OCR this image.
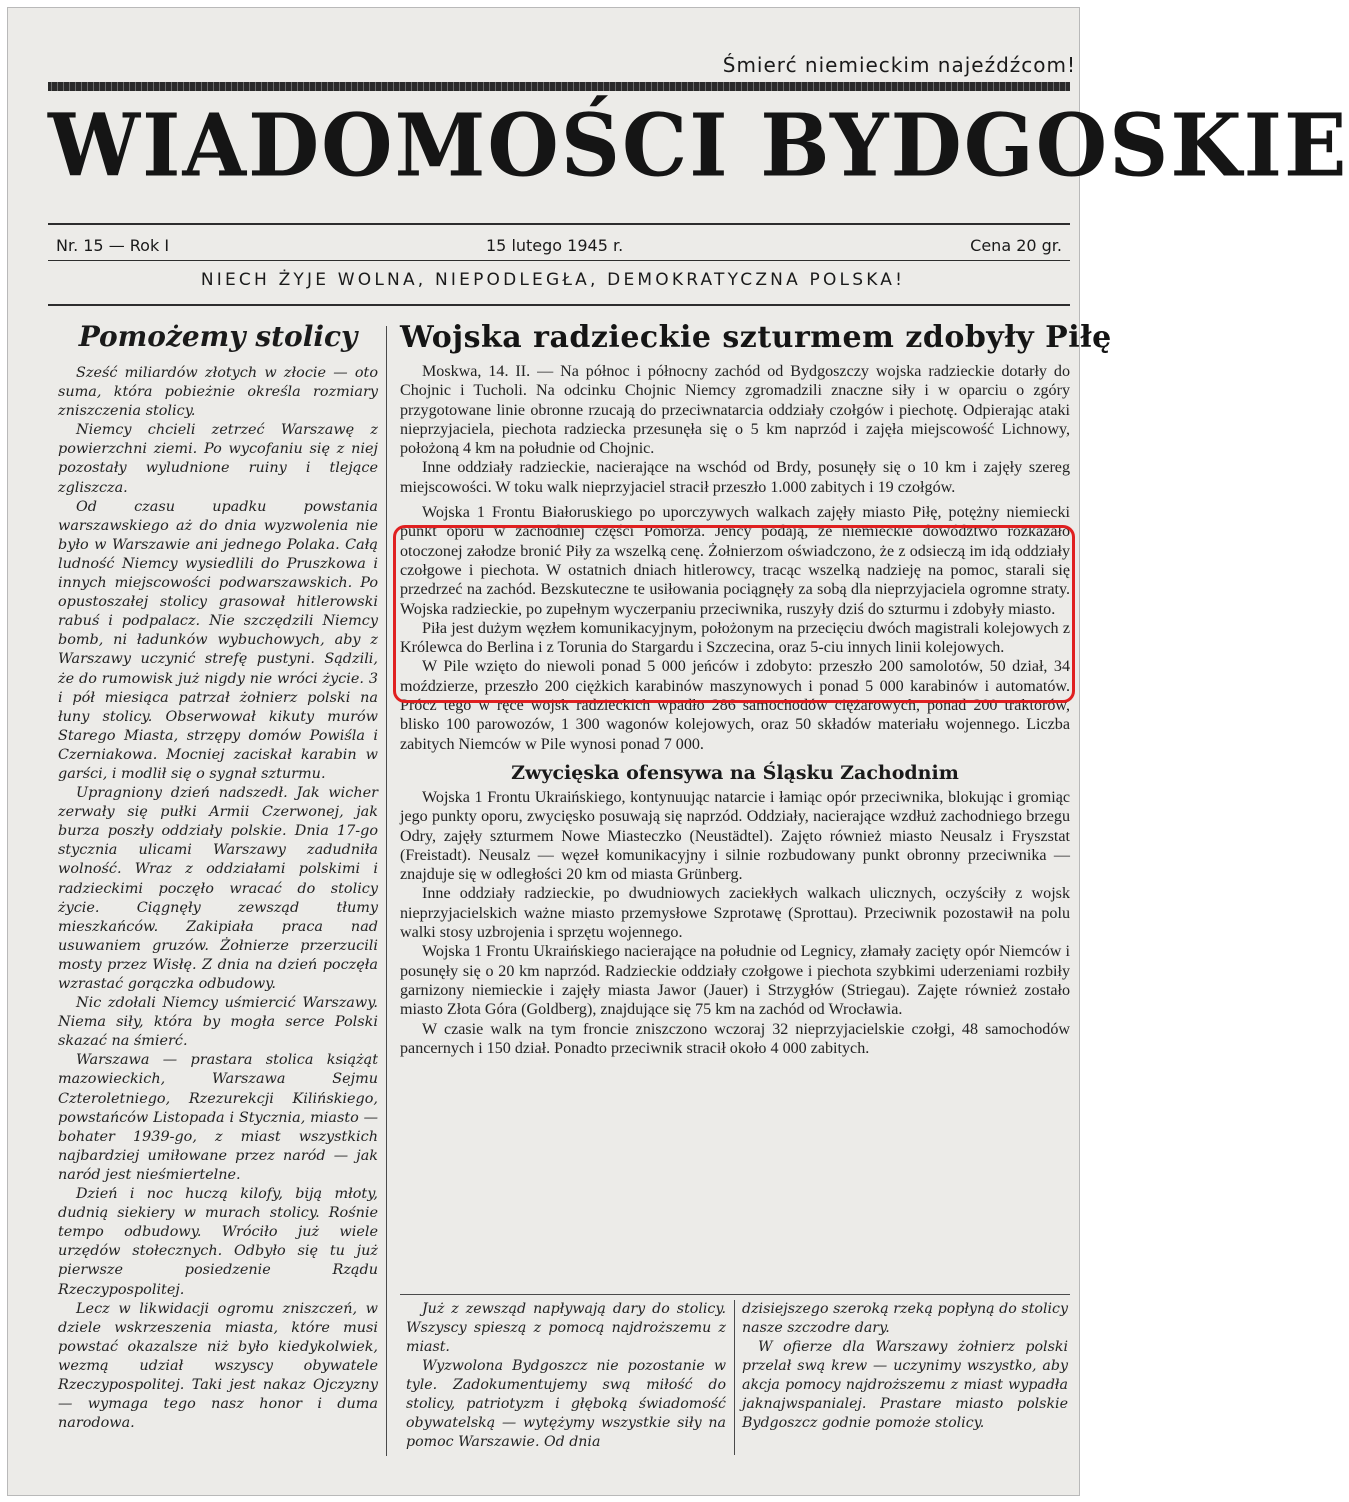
Śmierć niemieckim najeźdźcom!
WIADOMOŚCI BYDGOSKIE
Nr. 15 — Rok I	15 lutego 1945 r.	Cena 20 gr.
NIECH ŻYJE WOLNA, NIEPODLEGŁA, DEMOKRATYCZNA POLSKA!
Pomożemy stolicy

Sześć miliardów złotych w złocie — oto suma, która pobieżnie określa rozmiary zniszczenia stolicy.

Niemcy chcieli zetrzeć Warszawę z powierzchni ziemi. Po wycofaniu się z niej pozostały wyludnione ruiny i tlejące zgliszcza.

Od czasu upadku powstania warszawskiego aż do dnia wyzwolenia nie było w Warszawie ani jednego Polaka. Całą ludność Niemcy wysiedlili do Pruszkowa i innych miejscowości podwarszawskich. Po opustoszałej stolicy grasował hitlerowski rabuś i podpalacz. Nie szczędzili Niemcy bomb, ni ładunków wybuchowych, aby z Warszawy uczynić strefę pustyni. Sądzili, że do rumowisk już nigdy nie wróci życie. 3 i pół miesiąca patrzał żołnierz polski na łuny stolicy. Obserwował kikuty murów Starego Miasta, strzępy domów Powiśla i Czerniakowa. Mocniej zaciskał karabin w garści, i modlił się o sygnał szturmu.

Upragniony dzień nadszedł. Jak wicher zerwały się pułki Armii Czerwonej, jak burza poszły oddziały polskie. Dnia 17-go stycznia ulicami Warszawy zadudniła wolność. Wraz z oddziałami polskimi i radzieckimi poczęło wracać do stolicy życie. Ciągnęły zewsząd tłumy mieszkańców. Zakipiała praca nad usuwaniem gruzów. Żołnierze przerzucili mosty przez Wisłę. Z dnia na dzień poczęła wzrastać gorączka odbudowy.

Nic zdołali Niemcy uśmiercić Warszawy. Niema siły, która by mogła serce Polski skazać na śmierć.

Warszawa — prastara stolica książąt mazowieckich, Warszawa Sejmu Czteroletniego, Rzezurekcji Kilińskiego, powstańców Listopada i Stycznia, miasto — bohater 1939-go, z miast wszystkich najbardziej umiłowane przez naród — jak naród jest nieśmiertelne.

Dzień i noc huczą kilofy, biją młoty, dudnią siekiery w murach stolicy. Rośnie tempo odbudowy. Wróciło już wiele urzędów stołecznych. Odbyło się tu już pierwsze posiedzenie Rządu Rzeczypospolitej.

Lecz w likwidacji ogromu zniszczeń, w dziele wskrzeszenia miasta, które musi powstać okazalsze niż było kiedykolwiek, wezmą udział wszyscy obywatele Rzeczypospolitej. Taki jest nakaz Ojczyzny — wymaga tego nasz honor i duma narodowa.

Wojska radzieckie szturmem zdobyły Piłę

Moskwa, 14. II. — Na północ i północny zachód od Bydgoszczy wojska radzieckie dotarły do Chojnic i Tucholi. Na odcinku Chojnic Niemcy zgromadzili znaczne siły i w oparciu o zgóry przygotowane linie obronne rzucają do przeciwnatarcia oddziały czołgów i piechotę. Odpierając ataki nieprzyjaciela, piechota radziecka przesunęła się o 5 km naprzód i zajęła miejscowość Lichnowy, położoną 4 km na południe od Chojnic.

Inne oddziały radzieckie, nacierające na wschód od Brdy, posunęły się o 10 km i zajęły szereg miejscowości. W toku walk nieprzyjaciel stracił przeszło 1.000 zabitych i 19 czołgów.

Wojska 1 Frontu Białoruskiego po uporczywych walkach zajęły miasto Piłę, potężny niemiecki punkt oporu w zachodniej części Pomorza. Jeńcy podają, że niemieckie dowództwo rozkazało otoczonej załodze bronić Piły za wszelką cenę. Żołnierzom oświadczono, że z odsieczą im idą oddziały czołgowe i piechota. W ostatnich dniach hitlerowcy, tracąc wszelką nadzieję na pomoc, starali się przedrzeć na zachód. Bezskuteczne te usiłowania pociągnęły za sobą dla nieprzyjaciela ogromne straty. Wojska radzieckie, po zupełnym wyczerpaniu przeciwnika, ruszyły dziś do szturmu i zdobyły miasto.

Piła jest dużym węzłem komunikacyjnym, położonym na przecięciu dwóch magistrali kolejowych z Królewca do Berlina i z Torunia do Stargardu i Szczecina, oraz 5-ciu innych linii kolejowych.

W Pile wzięto do niewoli ponad 5 000 jeńców i zdobyto: przeszło 200 samolotów, 50 dział, 34 moździerze, przeszło 200 ciężkich karabinów maszynowych i ponad 5 000 karabinów i automatów. Prócz tego w ręce wojsk radzieckich wpadło 286 samochodów ciężarowych, ponad 200 traktorów, blisko 100 parowozów, 1 300 wagonów kolejowych, oraz 50 składów materiału wojennego. Liczba zabitych Niemców w Pile wynosi ponad 7 000.

Zwycięska ofensywa na Śląsku Zachodnim

Wojska 1 Frontu Ukraińskiego, kontynuując natarcie i łamiąc opór przeciwnika, blokując i gromiąc jego punkty oporu, zwycięsko posuwają się naprzód. Oddziały, nacierające wzdłuż zachodniego brzegu Odry, zajęły szturmem Nowe Miasteczko (Neustädtel). Zajęto również miasto Neusalz i Fryszstat (Freistadt). Neusalz — węzeł komunikacyjny i silnie rozbudowany punkt obronny przeciwnika — znajduje się w odległości 20 km od miasta Grünberg.

Inne oddziały radzieckie, po dwudniowych zaciekłych walkach ulicznych, oczyściły z wojsk nieprzyjacielskich ważne miasto przemysłowe Szprotawę (Sprottau). Przeciwnik pozostawił na polu walki stosy uzbrojenia i sprzętu wojennego.

Wojska 1 Frontu Ukraińskiego nacierające na południe od Legnicy, złamały zacięty opór Niemców i posunęły się o 20 km naprzód. Radzieckie oddziały czołgowe i piechota szybkimi uderzeniami rozbiły garnizony niemieckie i zajęły miasta Jawor (Jauer) i Strzygłów (Striegau). Zajęte również zostało miasto Złota Góra (Goldberg), znajdujące się 75 km na zachód od Wrocławia.

W czasie walk na tym froncie zniszczono wczoraj 32 nieprzyjacielskie czołgi, 48 samochodów pancernych i 150 dział. Ponadto przeciwnik stracił około 4 000 zabitych.

Już z zewsząd napływają dary do stolicy. Wszyscy spieszą z pomocą najdroższemu z miast.

Wyzwolona Bydgoszcz nie pozostanie w tyle. Zadokumentujemy swą miłość do stolicy, patriotyzm i głęboką świadomość obywatelską — wytężymy wszystkie siły na pomoc Warszawie. Od dnia

dzisiejszego szeroką rzeką popłyną do stolicy nasze szczodre dary.

W ofierze dla Warszawy żołnierz polski przelał swą krew — uczynimy wszystko, aby akcja pomocy najdroższemu z miast wypadła jaknajwspanialej. Prastare miasto polskie Bydgoszcz godnie pomoże stolicy.
